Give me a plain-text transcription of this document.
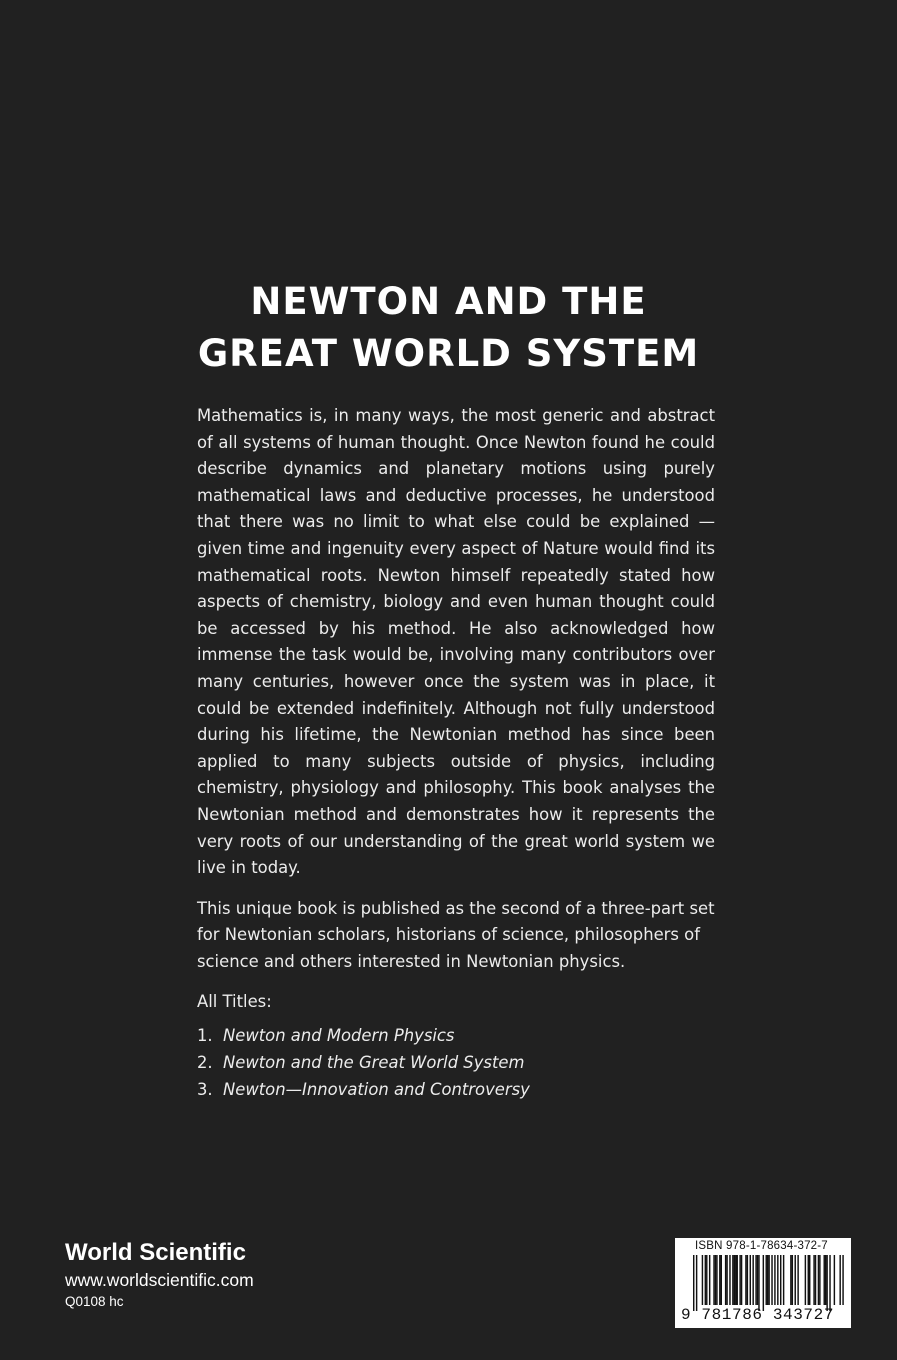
NEWTON AND THE
GREAT WORLD SYSTEM

Mathematics is, in many ways, the most generic and abstract of all systems of human thought. Once Newton found he could describe dynamics and planetary motions using purely mathematical laws and deductive processes, he understood that there was no limit to what else could be explained — given time and ingenuity every aspect of Nature would find its mathematical roots. Newton himself repeatedly stated how aspects of chemistry, biology and even human thought could be accessed by his method. He also acknowledged how immense the task would be, involving many contributors over many centuries, however once the system was in place, it could be extended indefinitely. Although not fully understood during his lifetime, the Newtonian method has since been applied to many subjects outside of physics, including chemistry, physiology and philosophy. This book analyses the Newtonian method and demonstrates how it represents the very roots of our understanding of the great world system we live in today.

This unique book is published as the second of a three-part set for Newtonian scholars, historians of science, philosophers of science and others interested in Newtonian physics.

All Titles:
1. Newton and Modern Physics
2. Newton and the Great World System
3. Newton—Innovation and Controversy
World Scientific
www.worldscientific.com
Q0108 hc
ISBN 978-1-78634-372-7
9 781786 343727
